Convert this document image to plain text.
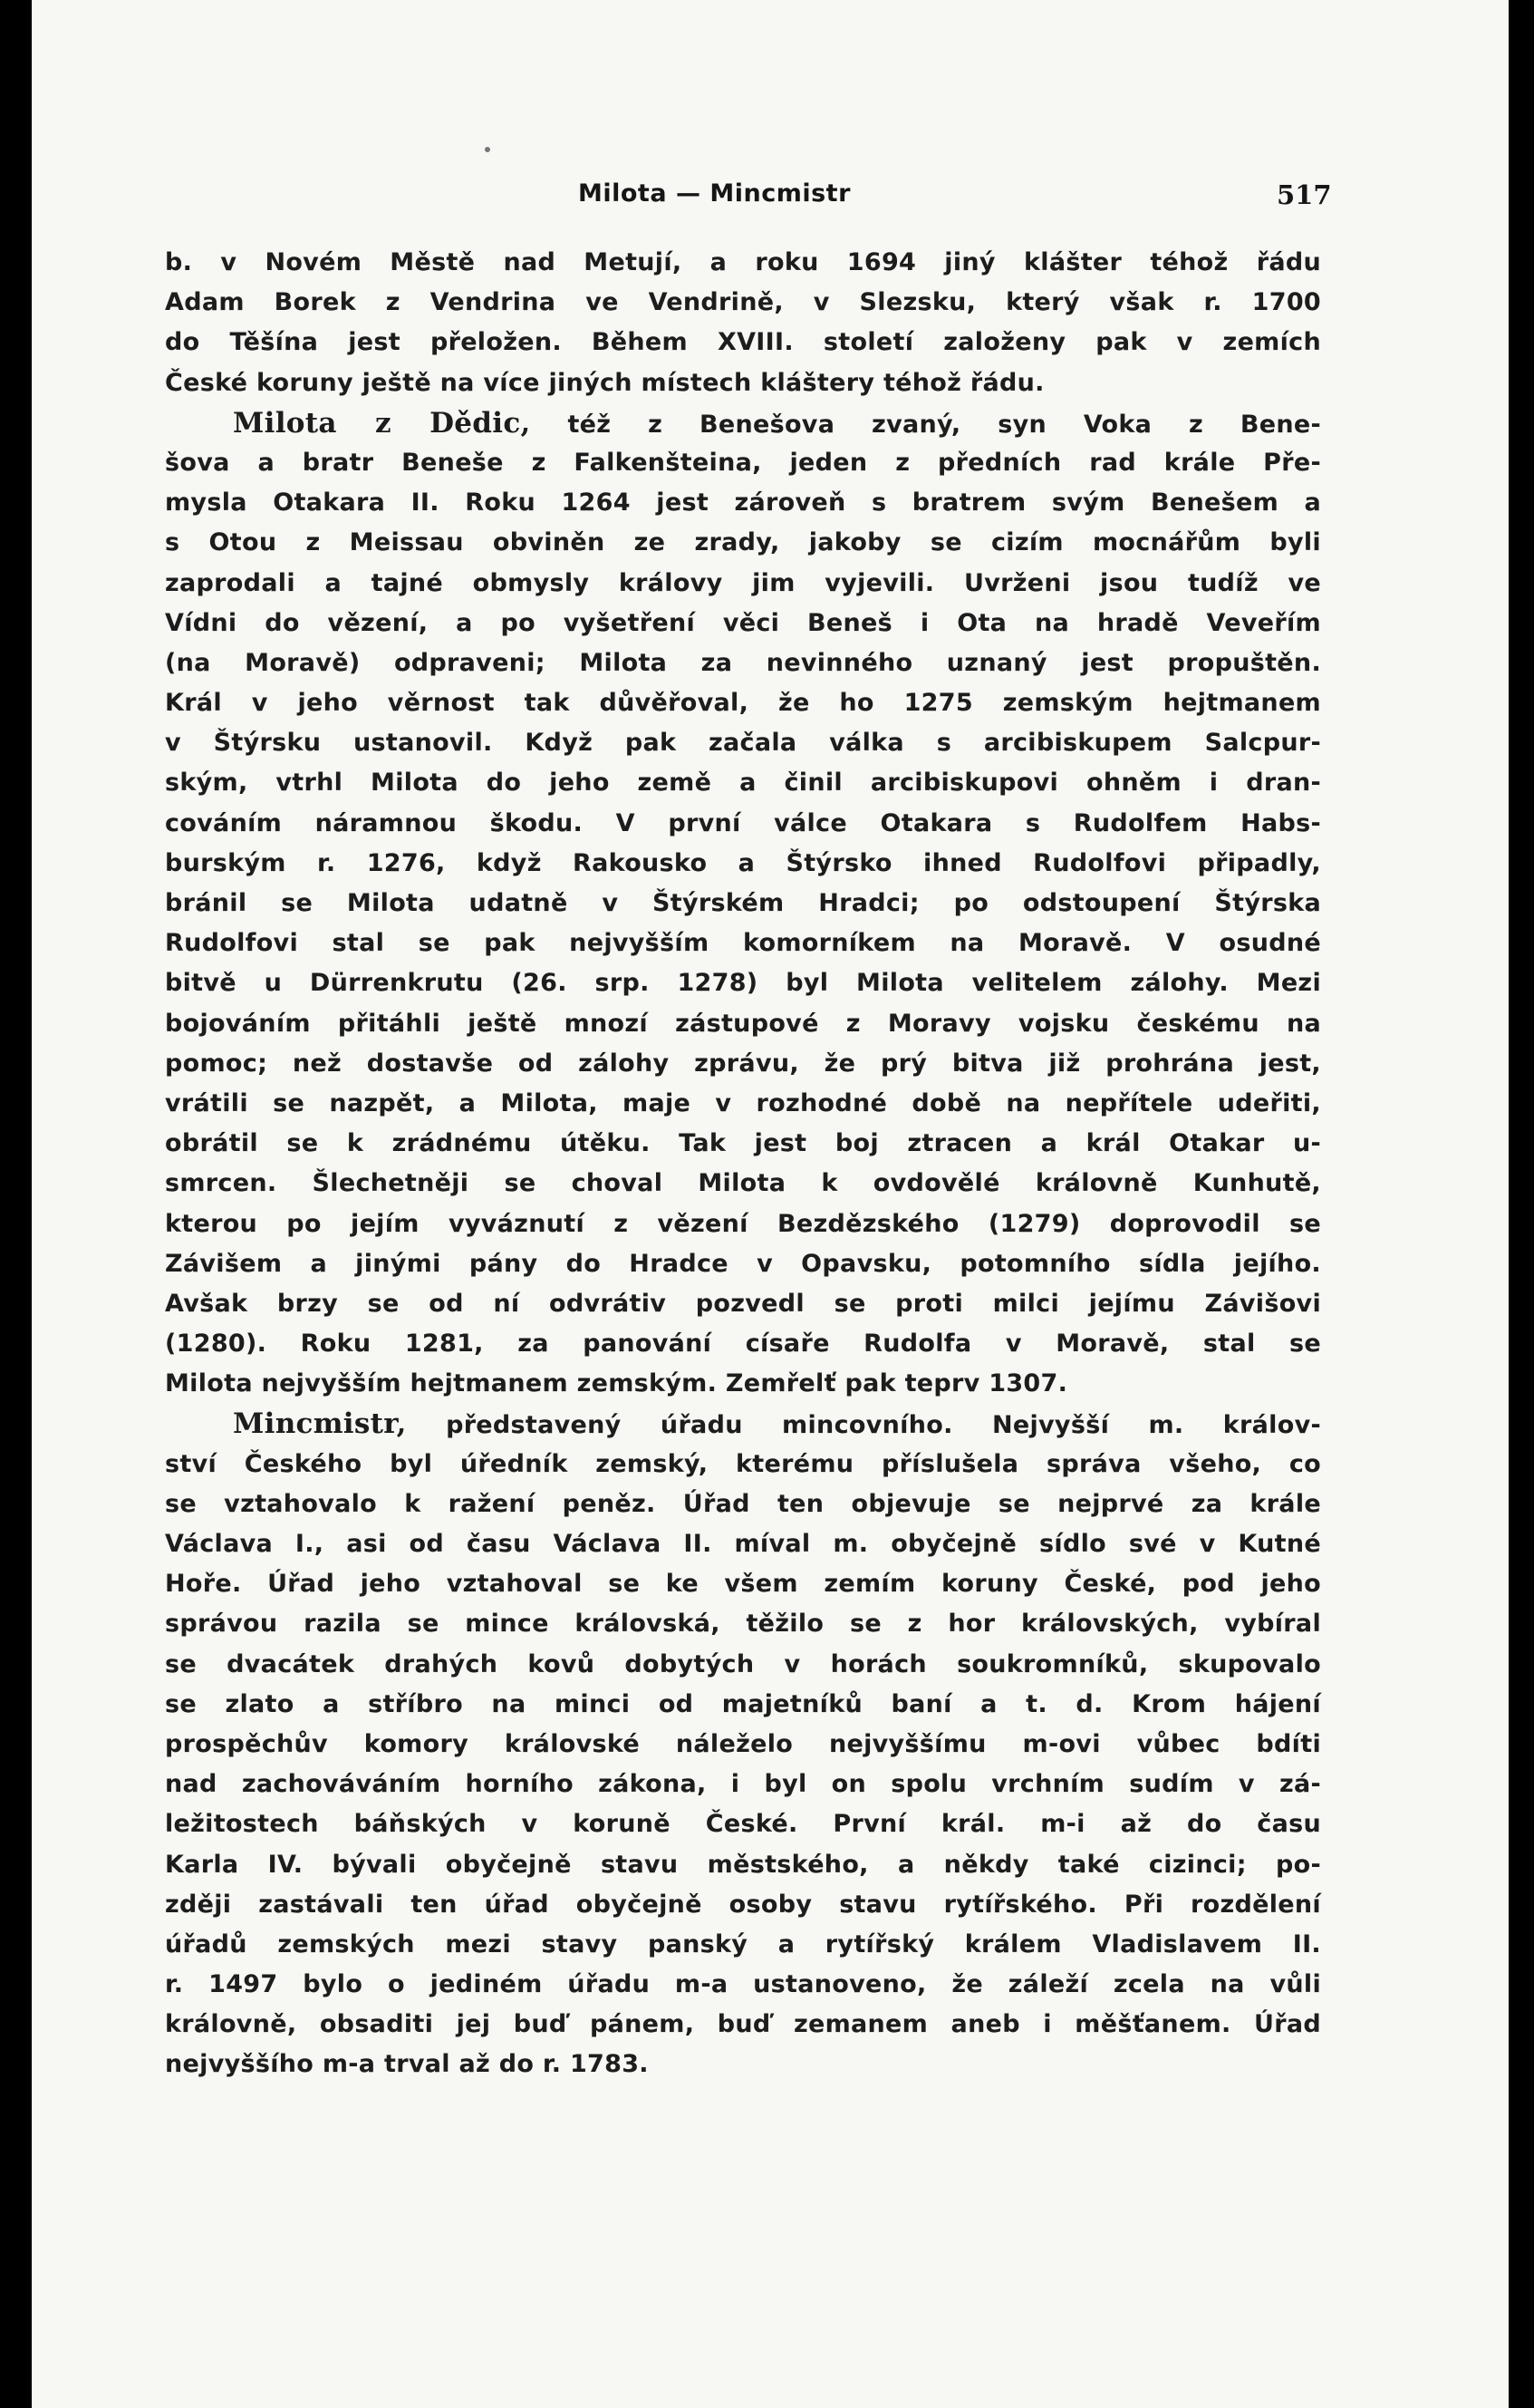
Milota — Mincmistr	517
b. v Novém Městě nad Metují, a roku 1694 jiný klášter téhož řádu
Adam Borek z Vendrina ve Vendrině, v Slezsku, který však r. 1700
do Těšína jest přeložen. Během XVIII. století založeny pak v zemích
České koruny ještě na více jiných místech kláštery téhož řádu.
Milota z Dědic, též z Benešova zvaný, syn Voka z Bene-
šova a bratr Beneše z Falkenšteina, jeden z předních rad krále Pře-
mysla Otakara II. Roku 1264 jest zároveň s bratrem svým Benešem a
s Otou z Meissau obviněn ze zrady, jakoby se cizím mocnářům byli
zaprodali a tajné obmysly královy jim vyjevili. Uvrženi jsou tudíž ve
Vídni do vězení, a po vyšetření věci Beneš i Ota na hradě Veveřím
(na Moravě) odpraveni; Milota za nevinného uznaný jest propuštěn.
Král v jeho věrnost tak důvěřoval, že ho 1275 zemským hejtmanem
v Štýrsku ustanovil. Když pak začala válka s arcibiskupem Salcpur-
ským, vtrhl Milota do jeho země a činil arcibiskupovi ohněm i dran-
cováním náramnou škodu. V první válce Otakara s Rudolfem Habs-
burským r. 1276, když Rakousko a Štýrsko ihned Rudolfovi připadly,
bránil se Milota udatně v Štýrském Hradci; po odstoupení Štýrska
Rudolfovi stal se pak nejvyšším komorníkem na Moravě. V osudné
bitvě u Dürrenkrutu (26. srp. 1278) byl Milota velitelem zálohy. Mezi
bojováním přitáhli ještě mnozí zástupové z Moravy vojsku českému na
pomoc; než dostavše od zálohy zprávu, že prý bitva již prohrána jest,
vrátili se nazpět, a Milota, maje v rozhodné době na nepřítele udeřiti,
obrátil se k zrádnému útěku. Tak jest boj ztracen a král Otakar u-
smrcen. Šlechetněji se choval Milota k ovdovělé královně Kunhutě,
kterou po jejím vyváznutí z vězení Bezdězského (1279) doprovodil se
Závišem a jinými pány do Hradce v Opavsku, potomního sídla jejího.
Avšak brzy se od ní odvrátiv pozvedl se proti milci jejímu Závišovi
(1280). Roku 1281, za panování císaře Rudolfa v Moravě, stal se
Milota nejvyšším hejtmanem zemským. Zemřelť pak teprv 1307.
Mincmistr, představený úřadu mincovního. Nejvyšší m. králov-
ství Českého byl úředník zemský, kterému příslušela správa všeho, co
se vztahovalo k ražení peněz. Úřad ten objevuje se nejprvé za krále
Václava I., asi od času Václava II. míval m. obyčejně sídlo své v Kutné
Hoře. Úřad jeho vztahoval se ke všem zemím koruny České, pod jeho
správou razila se mince královská, těžilo se z hor královských, vybíral
se dvacátek drahých kovů dobytých v horách soukromníků, skupovalo
se zlato a stříbro na minci od majetníků baní a t. d. Krom hájení
prospěchův komory královské náleželo nejvyššímu m-ovi vůbec bdíti
nad zachováváním horního zákona, i byl on spolu vrchním sudím v zá-
ležitostech báňských v koruně České. První král. m-i až do času
Karla IV. bývali obyčejně stavu městského, a někdy také cizinci; po-
zději zastávali ten úřad obyčejně osoby stavu rytířského. Při rozdělení
úřadů zemských mezi stavy panský a rytířský králem Vladislavem II.
r. 1497 bylo o jediném úřadu m-a ustanoveno, že záleží zcela na vůli
královně, obsaditi jej buď pánem, buď zemanem aneb i měšťanem. Úřad
nejvyššího m-a trval až do r. 1783.
